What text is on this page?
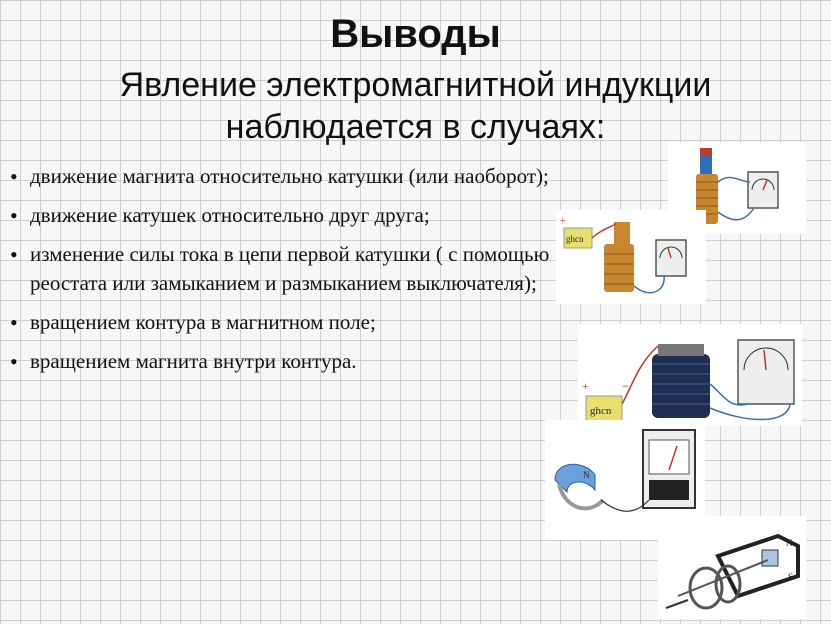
Выводы
Явление электромагнитной индукции
наблюдается в случаях:
• движение магнита относительно катушки (или наоборот);
• движение катушек относительно друг друга;
• изменение силы тока в цепи первой катушки ( с помощью реостата или замыканием и размыканием выключателя);
• вращением контура в магнитном поле;
• вращением магнита внутри контура.
+
ghcn
+	−
ghcn
N
N
S
